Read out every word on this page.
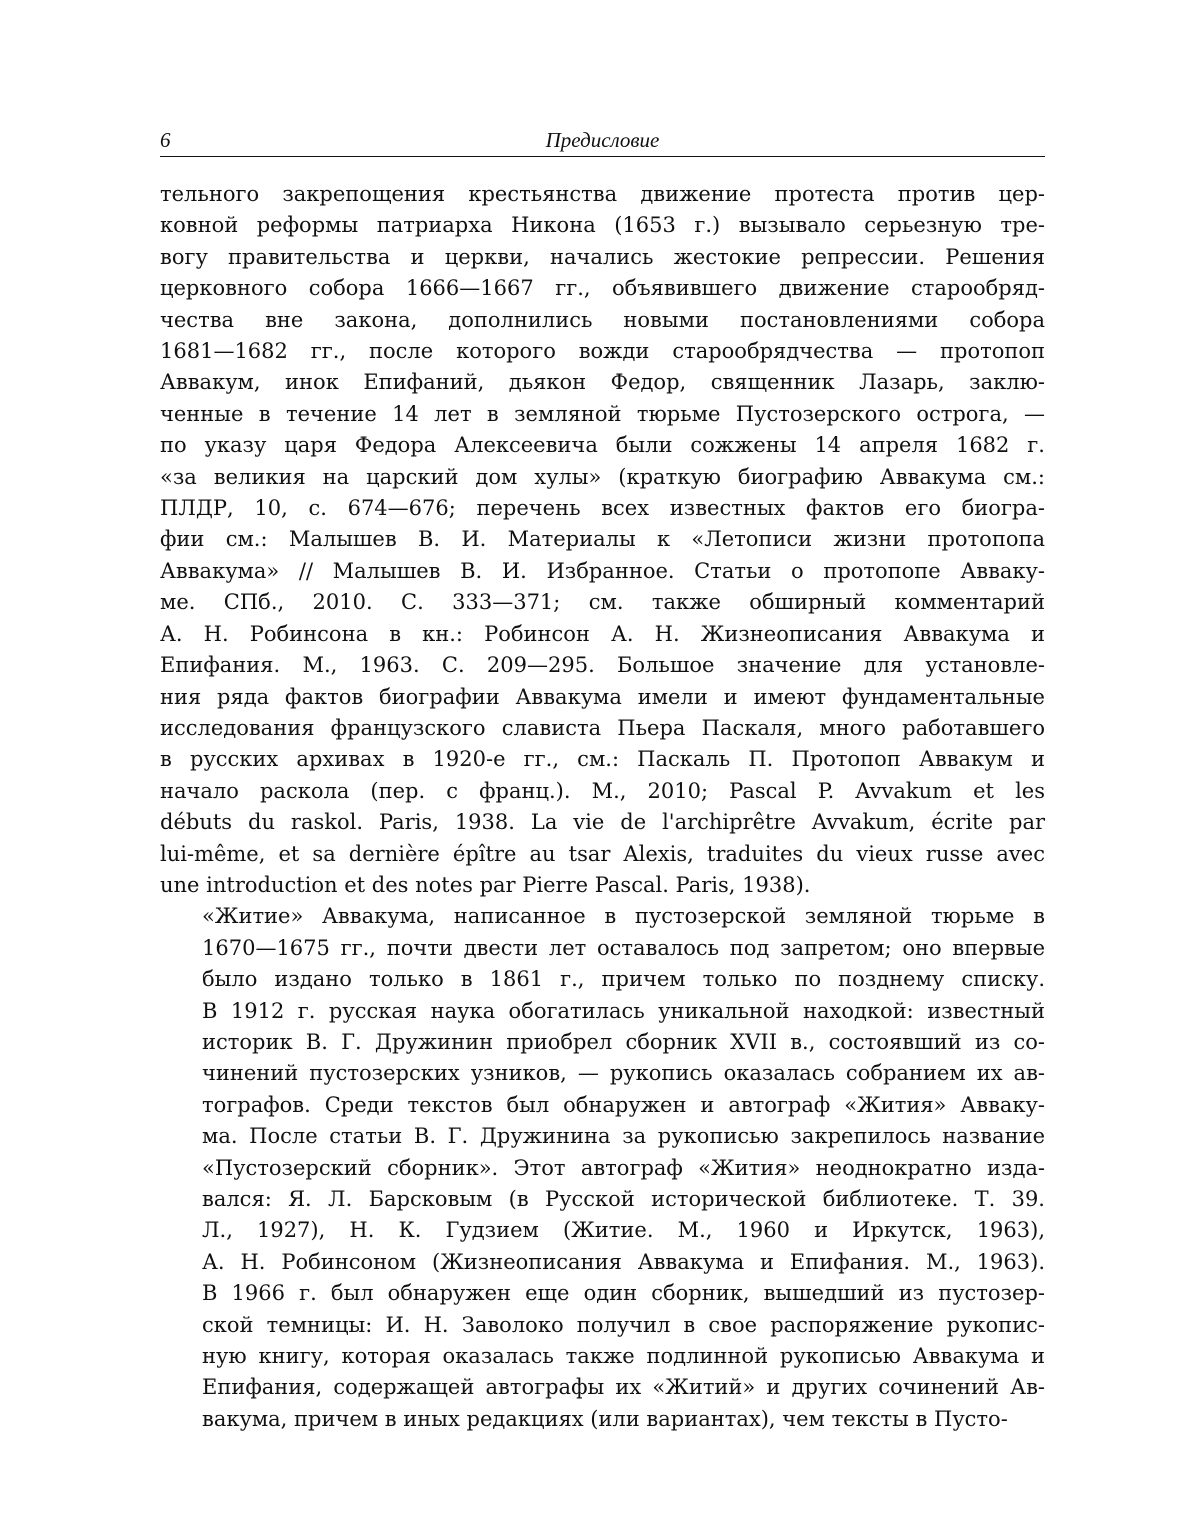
6	Предисловие

тельного закрепощения крестьянства движение протеста против цер-
ковной реформы патриарха Никона (1653 г.) вызывало серьезную тре-
вогу правительства и церкви, начались жестокие репрессии. Решения
церковного собора 1666—1667 гг., объявившего движение старообряд-
чества вне закона, дополнились новыми постановлениями собора
1681—1682 гг., после которого вожди старообрядчества — протопоп
Аввакум, инок Епифаний, дьякон Федор, священник Лазарь, заклю-
ченные в течение 14 лет в земляной тюрьме Пустозерского острога, —
по указу царя Федора Алексеевича были сожжены 14 апреля 1682 г.
«за великия на царский дом хулы» (краткую биографию Аввакума см.:
ПЛДР, 10, с. 674—676; перечень всех известных фактов его биогра-
фии см.: Малышев В. И. Материалы к «Летописи жизни протопопа
Аввакума» // Малышев В. И. Избранное. Статьи о протопопе Авваку-
ме. СПб., 2010. С. 333—371; см. также обширный комментарий
А. Н. Робинсона в кн.: Робинсон А. Н. Жизнеописания Аввакума и
Епифания. М., 1963. С. 209—295. Большое значение для установле-
ния ряда фактов биографии Аввакума имели и имеют фундаментальные
исследования французского слависта Пьера Паскаля, много работавшего
в русских архивах в 1920-е гг., см.: Паскаль П. Протопоп Аввакум и
начало раскола (пер. с франц.). М., 2010; Pascal P. Avvakum et les
débuts du raskol. Paris, 1938. La vie de l'archiprêtre Avvakum, écrite par
lui-même, et sa dernière épître au tsar Alexis, traduites du vieux russe avec
une introduction et des notes par Pierre Pascal. Paris, 1938).

«Житие» Аввакума, написанное в пустозерской земляной тюрьме в
1670—1675 гг., почти двести лет оставалось под запретом; оно впервые
было издано только в 1861 г., причем только по позднему списку.
В 1912 г. русская наука обогатилась уникальной находкой: известный
историк В. Г. Дружинин приобрел сборник XVII в., состоявший из со-
чинений пустозерских узников, — рукопись оказалась собранием их ав-
тографов. Среди текстов был обнаружен и автограф «Жития» Авваку-
ма. После статьи В. Г. Дружинина за рукописью закрепилось название
«Пустозерский сборник». Этот автограф «Жития» неоднократно изда-
вался: Я. Л. Барсковым (в Русской исторической библиотеке. Т. 39.
Л., 1927), Н. К. Гудзием (Житие. М., 1960 и Иркутск, 1963),
А. Н. Робинсоном (Жизнеописания Аввакума и Епифания. М., 1963).
В 1966 г. был обнаружен еще один сборник, вышедший из пустозер-
ской темницы: И. Н. Заволоко получил в свое распоряжение рукопис-
ную книгу, которая оказалась также подлинной рукописью Аввакума и
Епифания, содержащей автографы их «Житий» и других сочинений Ав-
вакума, причем в иных редакциях (или вариантах), чем тексты в Пусто-
